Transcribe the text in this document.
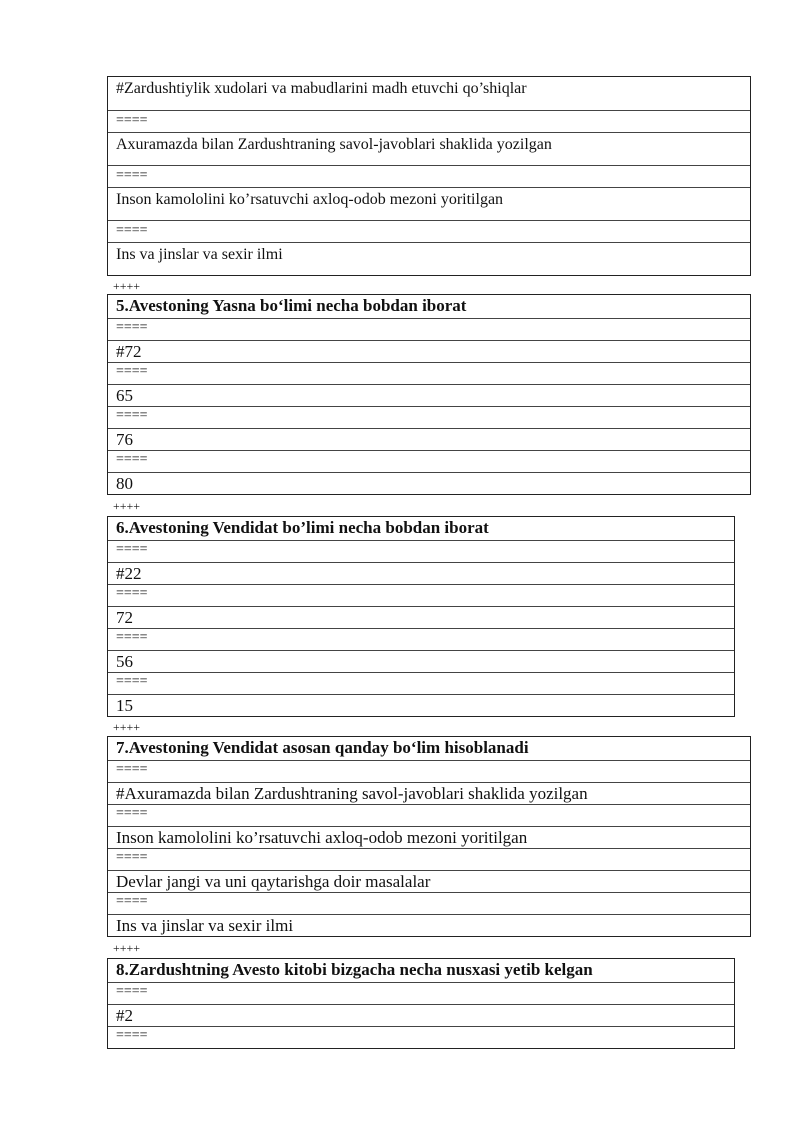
#Zardushtiylik xudolari va mabudlarini madh etuvchi qo’shiqlar
====
Axuramazda bilan Zardushtraning savol-javoblari shaklida yozilgan
====
Inson kamololini ko’rsatuvchi axloq-odob mezoni yoritilgan
====
Ins va jinslar va sexir ilmi
++++
5.Avestoning Yasna bo‘limi necha bobdan iborat
====
#72
====
65
====
76
====
80
++++
6.Avestoning Vendidat bo’limi necha bobdan iborat
====
#22
====
72
====
56
====
15
++++
7.Avestoning Vendidat asosan qanday bo‘lim hisoblanadi
====
#Axuramazda bilan Zardushtraning savol-javoblari shaklida yozilgan
====
Inson kamololini ko’rsatuvchi axloq-odob mezoni yoritilgan
====
Devlar jangi va uni qaytarishga doir masalalar
====
Ins va jinslar va sexir ilmi
++++
8.Zardushtning Avesto kitobi bizgacha necha nusxasi yetib kelgan
====
#2
====
